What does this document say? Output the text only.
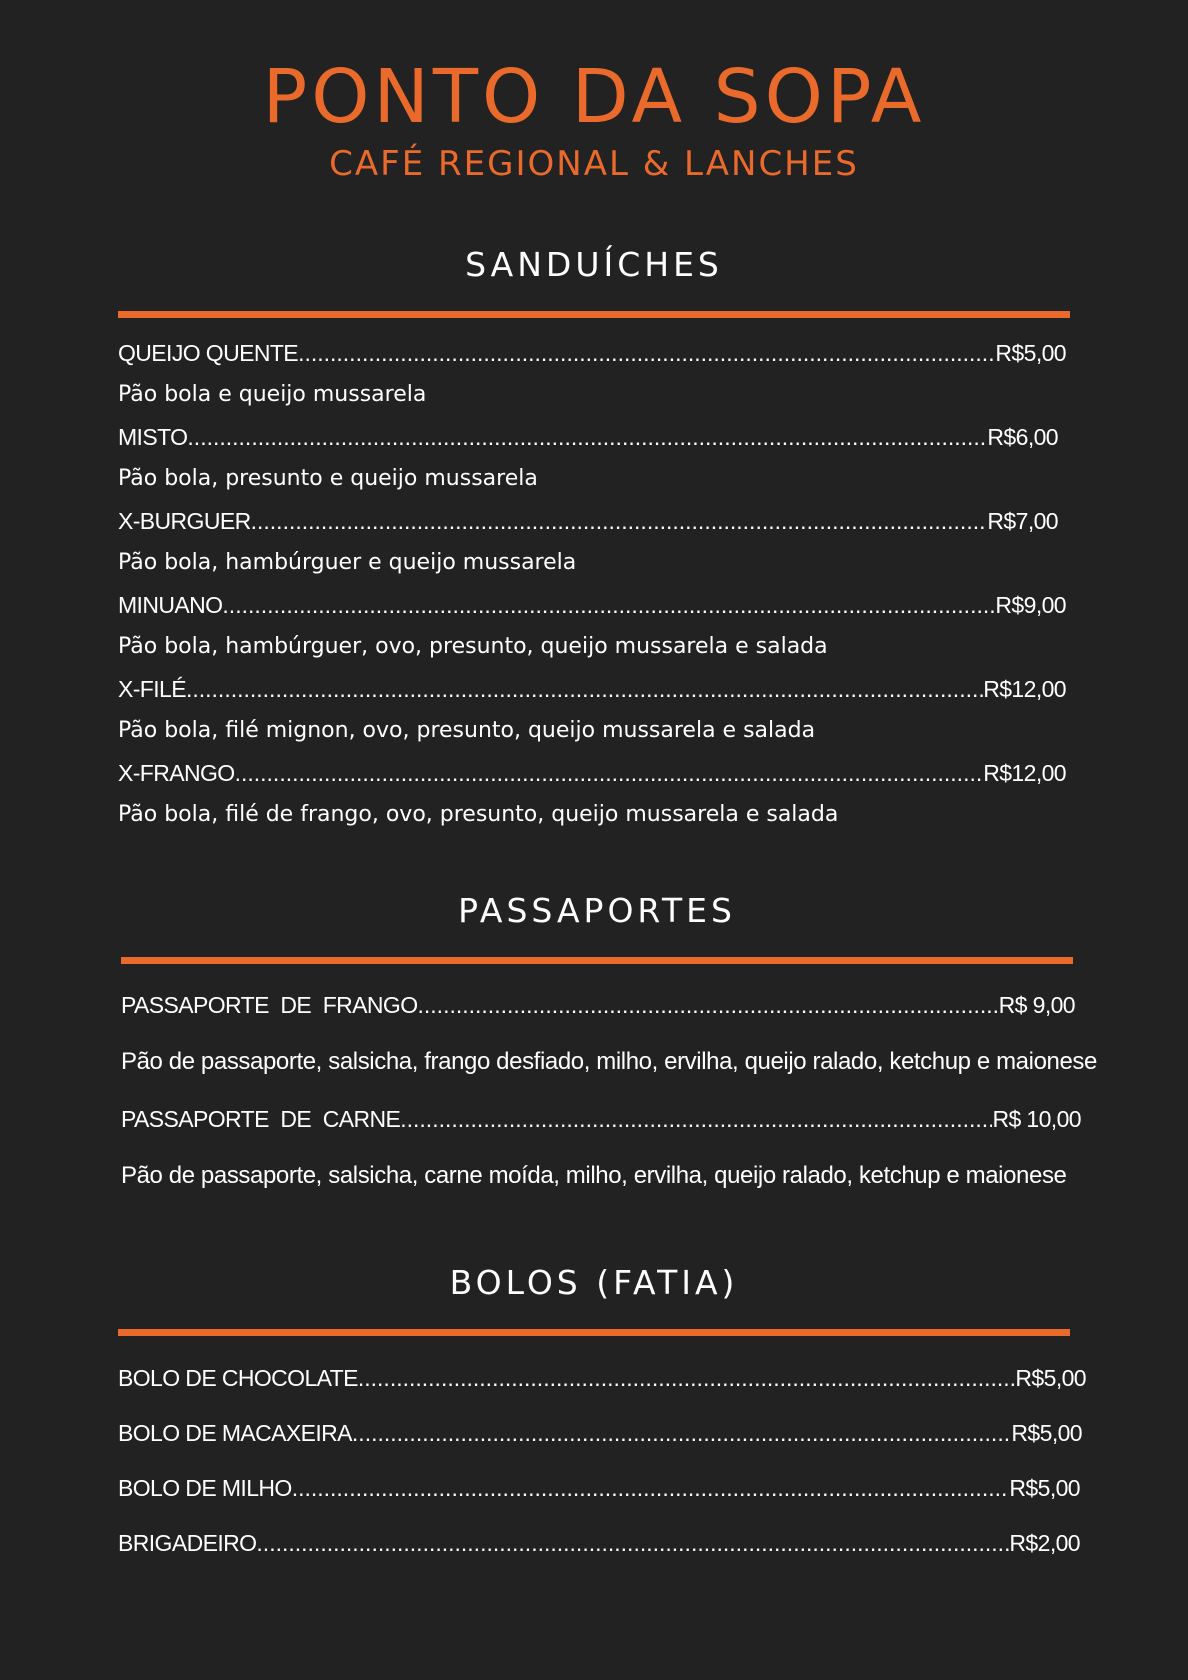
PONTO DA SOPA
CAFÉ REGIONAL & LANCHES
SANDUÍCHES
QUEIJO QUENTE .....	R$5,00
Pão bola e queijo mussarela
MISTO .....	R$6,00
Pão bola, presunto e queijo mussarela
X-BURGUER .....	R$7,00
Pão bola, hambúrguer e queijo mussarela
MINUANO .....	R$9,00
Pão bola, hambúrguer, ovo, presunto, queijo mussarela e salada
X-FILÉ .....	R$12,00
Pão bola, filé mignon, ovo, presunto, queijo mussarela e salada
X-FRANGO .....	R$12,00
Pão bola, filé de frango, ovo, presunto, queijo mussarela e salada
PASSAPORTES
PASSAPORTE  DE  FRANGO .....	R$ 9,00
Pão de passaporte, salsicha, frango desfiado, milho, ervilha, queijo ralado, ketchup e maionese
PASSAPORTE  DE  CARNE .....	R$ 10,00
Pão de passaporte, salsicha, carne moída, milho, ervilha, queijo ralado, ketchup e maionese
BOLOS (FATIA)
BOLO DE CHOCOLATE .....	R$5,00
BOLO DE MACAXEIRA .....	R$5,00
BOLO DE MILHO .....	R$5,00
BRIGADEIRO .....	R$2,00
